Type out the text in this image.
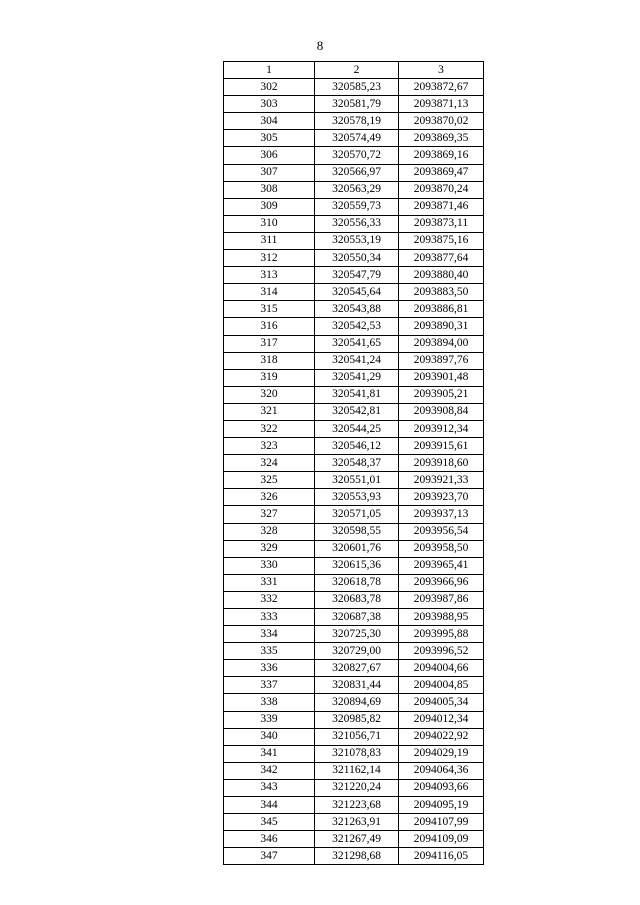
8
1	2	3
302	320585,23	2093872,67
303	320581,79	2093871,13
304	320578,19	2093870,02
305	320574,49	2093869,35
306	320570,72	2093869,16
307	320566,97	2093869,47
308	320563,29	2093870,24
309	320559,73	2093871,46
310	320556,33	2093873,11
311	320553,19	2093875,16
312	320550,34	2093877,64
313	320547,79	2093880,40
314	320545,64	2093883,50
315	320543,88	2093886,81
316	320542,53	2093890,31
317	320541,65	2093894,00
318	320541,24	2093897,76
319	320541,29	2093901,48
320	320541,81	2093905,21
321	320542,81	2093908,84
322	320544,25	2093912,34
323	320546,12	2093915,61
324	320548,37	2093918,60
325	320551,01	2093921,33
326	320553,93	2093923,70
327	320571,05	2093937,13
328	320598,55	2093956,54
329	320601,76	2093958,50
330	320615,36	2093965,41
331	320618,78	2093966,96
332	320683,78	2093987,86
333	320687,38	2093988,95
334	320725,30	2093995,88
335	320729,00	2093996,52
336	320827,67	2094004,66
337	320831,44	2094004,85
338	320894,69	2094005,34
339	320985,82	2094012,34
340	321056,71	2094022,92
341	321078,83	2094029,19
342	321162,14	2094064,36
343	321220,24	2094093,66
344	321223,68	2094095,19
345	321263,91	2094107,99
346	321267,49	2094109,09
347	321298,68	2094116,05
